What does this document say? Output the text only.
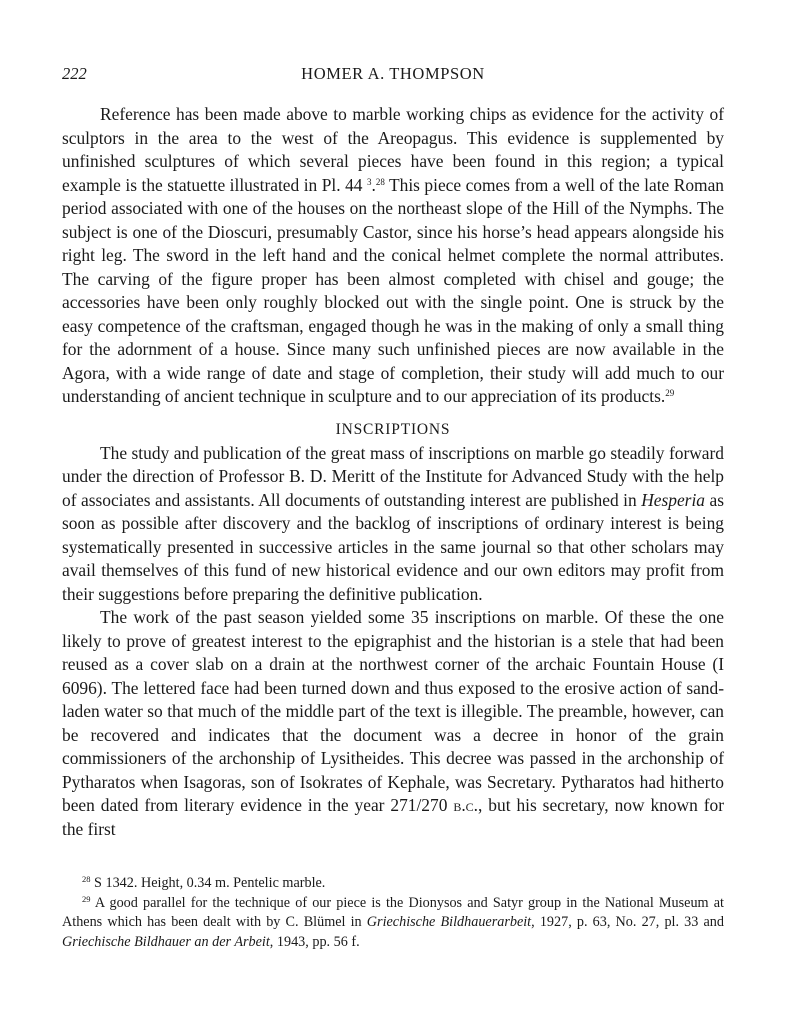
222	HOMER A. THOMPSON

Reference has been made above to marble working chips as evidence for the activity of sculptors in the area to the west of the Areopagus. This evidence is supplemented by unfinished sculptures of which several pieces have been found in this region; a typical example is the statuette illustrated in Pl. 44 $^3$.$^{28}$ This piece comes from a well of the late Roman period associated with one of the houses on the northeast slope of the Hill of the Nymphs. The subject is one of the Dioscuri, presumably Castor, since his horse’s head appears alongside his right leg. The sword in the left hand and the conical helmet complete the normal attributes. The carving of the figure proper has been almost completed with chisel and gouge; the accessories have been only roughly blocked out with the single point. One is struck by the easy competence of the craftsman, engaged though he was in the making of only a small thing for the adornment of a house. Since many such unfinished pieces are now available in the Agora, with a wide range of date and stage of completion, their study will add much to our understanding of ancient technique in sculpture and to our appreciation of its products.$^{29}$

INSCRIPTIONS

The study and publication of the great mass of inscriptions on marble go steadily forward under the direction of Professor B. D. Meritt of the Institute for Advanced Study with the help of associates and assistants. All documents of outstanding interest are published in Hesperia as soon as possible after discovery and the backlog of inscriptions of ordinary interest is being systematically presented in successive articles in the same journal so that other scholars may avail themselves of this fund of new historical evidence and our own editors may profit from their suggestions before preparing the definitive publication.

The work of the past season yielded some 35 inscriptions on marble. Of these the one likely to prove of greatest interest to the epigraphist and the historian is a stele that had been reused as a cover slab on a drain at the northwest corner of the archaic Fountain House (I 6096). The lettered face had been turned down and thus exposed to the erosive action of sand-laden water so that much of the middle part of the text is illegible. The preamble, however, can be recovered and indicates that the document was a decree in honor of the grain commissioners of the archonship of Lysitheides. This decree was passed in the archonship of Pytharatos when Isagoras, son of Isokrates of Kephale, was Secretary. Pytharatos had hitherto been dated from literary evidence in the year 271/270 b.c., but his secretary, now known for the first

$^{28}$ S 1342. Height, 0.34 m. Pentelic marble.

$^{29}$ A good parallel for the technique of our piece is the Dionysos and Satyr group in the National Museum at Athens which has been dealt with by C. Blümel in Griechische Bildhauerarbeit, 1927, p. 63, No. 27, pl. 33 and Griechische Bildhauer an der Arbeit, 1943, pp. 56 f.
